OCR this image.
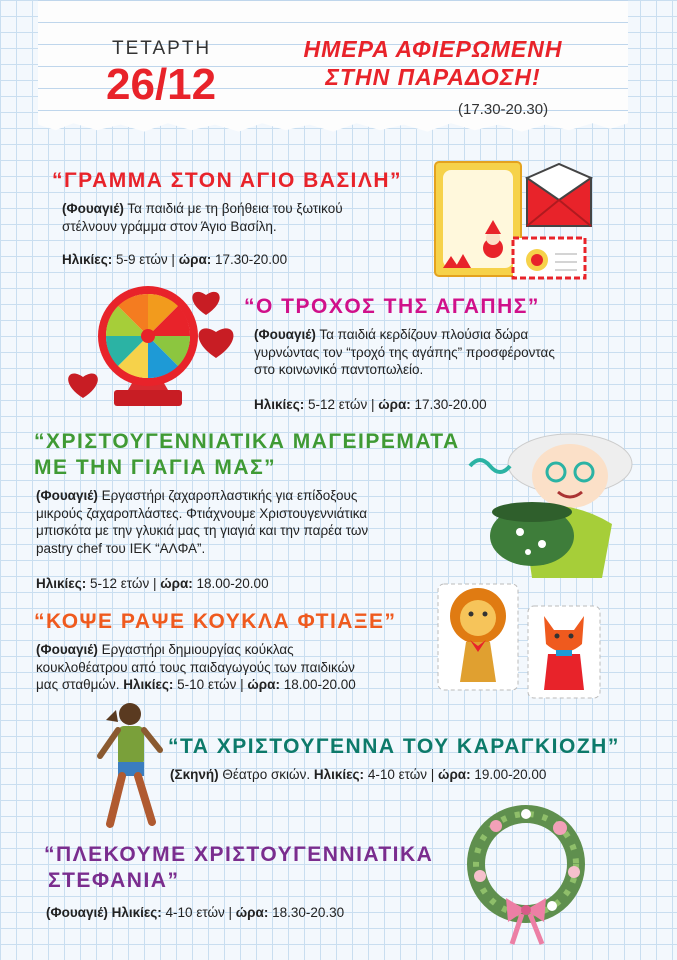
ΤΕΤΑΡΤΗ
26/12
ΗΜΕΡΑ ΑΦΙΕΡΩΜΕΝΗ
ΣΤΗΝ ΠΑΡΑΔΟΣΗ!
(17.30-20.30)
“ΓΡΑΜΜΑ ΣΤΟΝ ΑΓΙΟ ΒΑΣΙΛΗ”
(Φουαγιέ) Τα παιδιά με τη βοήθεια του ξωτικού
στέλνουν γράμμα στον Άγιο Βασίλη.
Ηλικίες: 5-9 ετών | ώρα: 17.30-20.00
“Ο ΤΡΟΧΟΣ ΤΗΣ ΑΓΑΠΗΣ”
(Φουαγιέ) Τα παιδιά κερδίζουν πλούσια δώρα
γυρνώντας τον “τροχό της αγάπης” προσφέροντας
στο κοινωνικό παντοπωλείο.
Ηλικίες: 5-12 ετών | ώρα: 17.30-20.00
“ΧΡΙΣΤΟΥΓΕΝΝΙΑΤΙΚΑ ΜΑΓΕΙΡΕΜΑΤΑ
ΜΕ ΤΗΝ ΓΙΑΓΙΑ ΜΑΣ”
(Φουαγιέ) Εργαστήρι ζαχαροπλαστικής για επίδοξους
μικρούς ζαχαροπλάστες. Φτιάχνουμε Χριστουγεννιάτικα
μπισκότα με την γλυκιά μας τη γιαγιά και την παρέα των
pastry chef του ΙΕΚ “ΑΛΦΑ”.
Ηλικίες: 5-12 ετών | ώρα: 18.00-20.00
“ΚΟΨΕ ΡΑΨΕ ΚΟΥΚΛΑ ΦΤΙΑΞΕ”
(Φουαγιέ) Εργαστήρι δημιουργίας κούκλας
κουκλοθέατρου από τους παιδαγωγούς των παιδικών
μας σταθμών. Ηλικίες: 5-10 ετών | ώρα: 18.00-20.00
“ΤΑ ΧΡΙΣΤΟΥΓΕΝΝΑ ΤΟΥ ΚΑΡΑΓΚΙΟΖΗ”
(Σκηνή) Θέατρο σκιών. Ηλικίες: 4-10 ετών | ώρα: 19.00-20.00
“ΠΛΕΚΟΥΜΕ ΧΡΙΣΤΟΥΓΕΝΝΙΑΤΙΚΑ
ΣΤΕΦΑΝΙΑ”
(Φουαγιέ) Ηλικίες: 4-10 ετών | ώρα: 18.30-20.30
